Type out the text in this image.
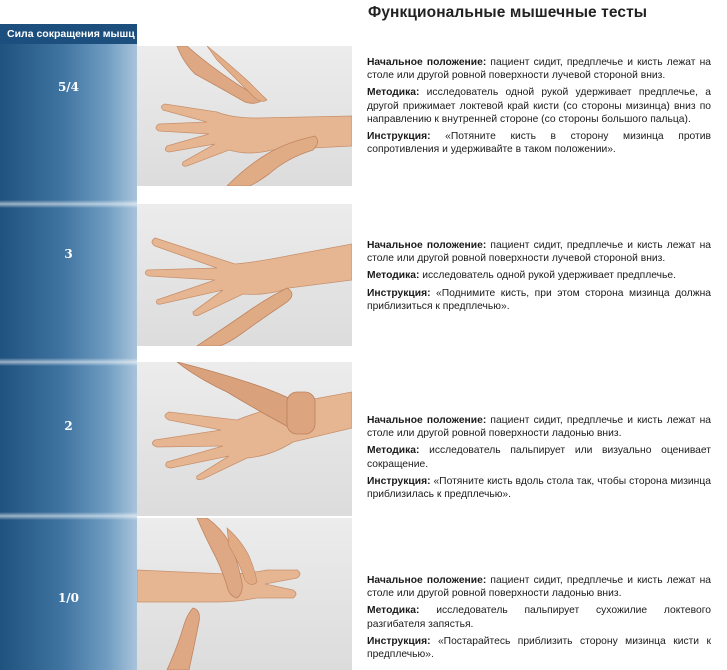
Функциональные мышечные тесты
Сила сокращения мышц
5/4
3
2
1/0

Начальное положение: пациент сидит, предплечье и кисть лежат на столе или другой ровной поверхности лучевой стороной вниз.

Методика: исследователь одной рукой удерживает предплечье, а другой прижимает локтевой край кисти (со стороны мизинца) вниз по направлению к внутренней стороне (со стороны большого пальца).

Инструкция: «Потяните кисть в сторону мизинца против сопротивления и удерживайте в таком положении».

Начальное положение: пациент сидит, предплечье и кисть лежат на столе или другой ровной поверхности лучевой стороной вниз.

Методика: исследователь одной рукой удерживает предплечье.

Инструкция: «Поднимите кисть, при этом сторона мизинца должна приблизиться к предплечью».

Начальное положение: пациент сидит, предплечье и кисть лежат на столе или другой ровной поверхности ладонью вниз.

Методика: исследователь пальпирует или визуально оценивает сокращение.

Инструкция: «Потяните кисть вдоль стола так, чтобы сторона мизинца приблизилась к предплечью».

Начальное положение: пациент сидит, предплечье и кисть лежат на столе или другой ровной поверхности ладонью вниз.

Методика: исследователь пальпирует сухожилие локтевого разгибателя запястья.

Инструкция: «Постарайтесь приблизить сторону мизинца кисти к предплечью».
